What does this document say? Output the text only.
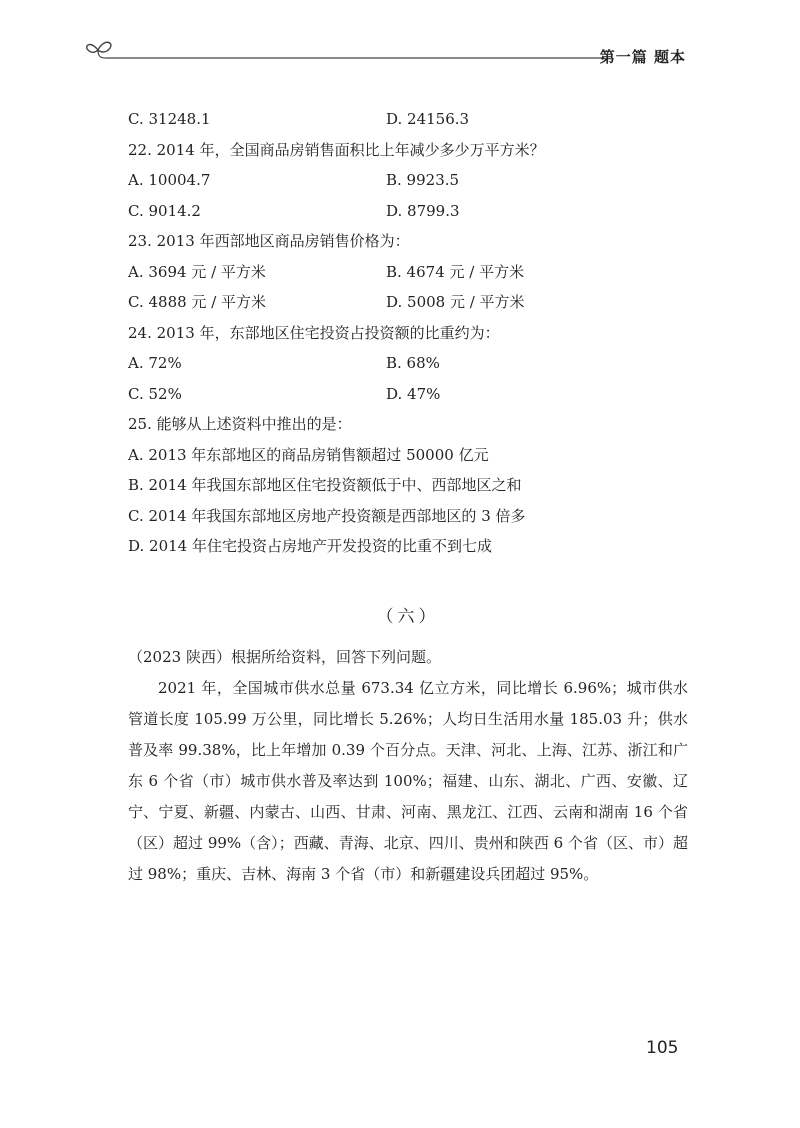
第一篇 题本
C. 31248.1	D. 24156.3

22. 2014 年，全国商品房销售面积比上年减少多少万平方米？

A. 10004.7	B. 9923.5
C. 9014.2	D. 8799.3

23. 2013 年西部地区商品房销售价格为：

A. 3694 元 / 平方米	B. 4674 元 / 平方米
C. 4888 元 / 平方米	D. 5008 元 / 平方米

24. 2013 年，东部地区住宅投资占投资额的比重约为：

A. 72%	B. 68%
C. 52%	D. 47%

25. 能够从上述资料中推出的是：

A. 2013 年东部地区的商品房销售额超过 50000 亿元

B. 2014 年我国东部地区住宅投资额低于中、西部地区之和

C. 2014 年我国东部地区房地产投资额是西部地区的 3 倍多

D. 2014 年住宅投资占房地产开发投资的比重不到七成

（六）

（2023 陕西）根据所给资料，回答下列问题。

2021 年，全国城市供水总量 673.34 亿立方米，同比增长 6.96%；城市供水管道长度 105.99 万公里，同比增长 5.26%；人均日生活用水量 185.03 升；供水普及率 99.38%，比上年增加 0.39 个百分点。天津、河北、上海、江苏、浙江和广东 6 个省（市）城市供水普及率达到 100%；福建、山东、湖北、广西、安徽、辽宁、宁夏、新疆、内蒙古、山西、甘肃、河南、黑龙江、江西、云南和湖南 16 个省（区）超过 99%（含）；西藏、青海、北京、四川、贵州和陕西 6 个省（区、市）超过 98%；重庆、吉林、海南 3 个省（市）和新疆建设兵团超过 95%。

105
